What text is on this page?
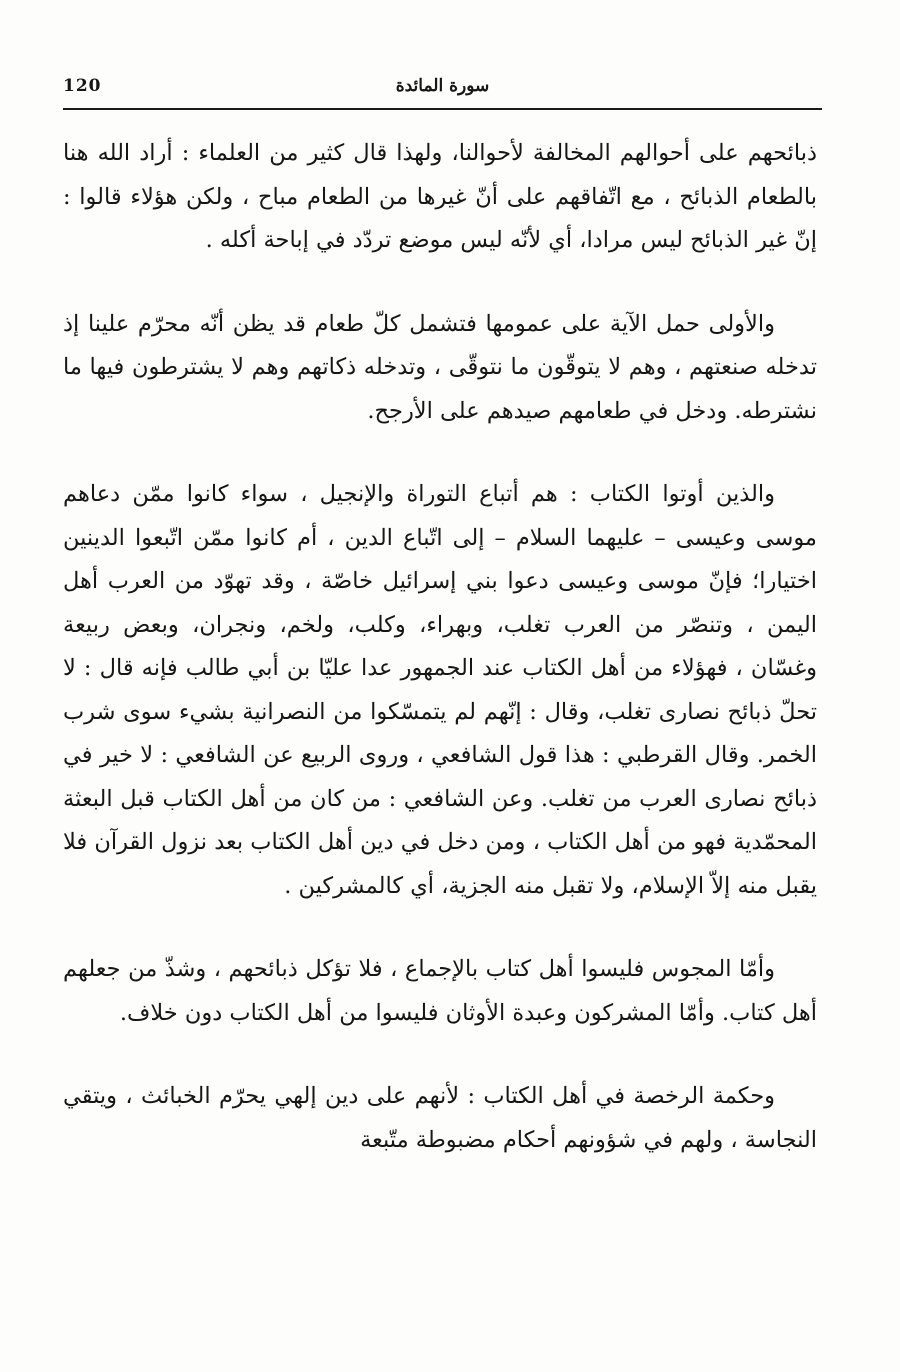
120	سورة المائدة

ذبائحهم على أحوالهم المخالفة لأحوالنا، ولهذا قال كثير من العلماء : أراد الله هنا بالطعام الذبائح ، مع اتّفاقهم على أنّ غيرها من الطعام مباح ، ولكن هؤلاء قالوا : إنّ غير الذبائح ليس مرادا، أي لأنّه ليس موضع تردّد في إباحة أكله .

والأولى حمل الآية على عمومها فتشمل كلّ طعام قد يظن أنّه محرّم علينا إذ تدخله صنعتهم ، وهم لا يتوقّون ما نتوقّى ، وتدخله ذكاتهم وهم لا يشترطون فيها ما نشترطه. ودخل في طعامهم صيدهم على الأرجح.

والذين أوتوا الكتاب : هم أتباع التوراة والإنجيل ، سواء كانوا ممّن دعاهم موسى وعيسى – عليهما السلام – إلى اتّباع الدين ، أم كانوا ممّن اتّبعوا الدينين اختيارا؛ فإنّ موسى وعيسى دعوا بني إسرائيل خاصّة ، وقد تهوّد من العرب أهل اليمن ، وتنصّر من العرب تغلب، وبهراء، وكلب، ولخم، ونجران، وبعض ربيعة وغسّان ، فهؤلاء من أهل الكتاب عند الجمهور عدا عليّا بن أبي طالب فإنه قال : لا تحلّ ذبائح نصارى تغلب، وقال : إنّهم لم يتمسّكوا من النصرانية بشيء سوى شرب الخمر. وقال القرطبي : هذا قول الشافعي ، وروى الربيع عن الشافعي : لا خير في ذبائح نصارى العرب من تغلب. وعن الشافعي : من كان من أهل الكتاب قبل البعثة المحمّدية فهو من أهل الكتاب ، ومن دخل في دين أهل الكتاب بعد نزول القرآن فلا يقبل منه إلاّ الإسلام، ولا تقبل منه الجزية، أي كالمشركين .

وأمّا المجوس فليسوا أهل كتاب بالإجماع ، فلا تؤكل ذبائحهم ، وشذّ من جعلهم أهل كتاب. وأمّا المشركون وعبدة الأوثان فليسوا من أهل الكتاب دون خلاف.

وحكمة الرخصة في أهل الكتاب : لأنهم على دين إلهي يحرّم الخبائث ، ويتقي النجاسة ، ولهم في شؤونهم أحكام مضبوطة متّبعة
